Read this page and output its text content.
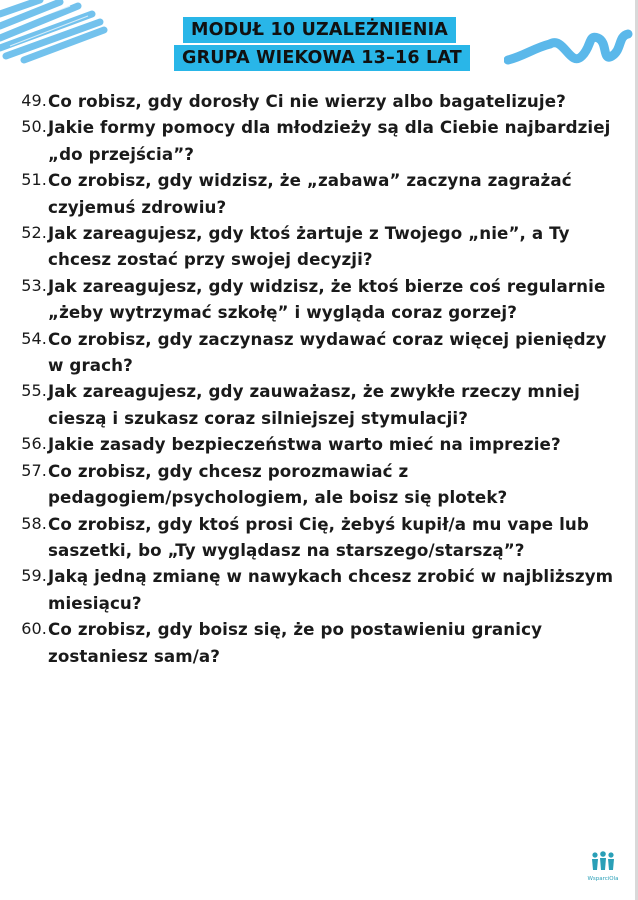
MODUŁ 10 UZALEŻNIENIA
GRUPA WIEKOWA 13–16 LAT
49. Co robisz, gdy dorosły Ci nie wierzy albo bagatelizuje?
50. Jakie formy pomocy dla młodzieży są dla Ciebie najbardziej „do przejścia”?
51. Co zrobisz, gdy widzisz, że „zabawa” zaczyna zagrażać czyjemuś zdrowiu?
52. Jak zareagujesz, gdy ktoś żartuje z Twojego „nie”, a Ty chcesz zostać przy swojej decyzji?
53. Jak zareagujesz, gdy widzisz, że ktoś bierze coś regularnie „żeby wytrzymać szkołę” i wygląda coraz gorzej?
54. Co zrobisz, gdy zaczynasz wydawać coraz więcej pieniędzy w grach?
55. Jak zareagujesz, gdy zauważasz, że zwykłe rzeczy mniej cieszą i szukasz coraz silniejszej stymulacji?
56. Jakie zasady bezpieczeństwa warto mieć na imprezie?
57. Co zrobisz, gdy chcesz porozmawiać z pedagogiem/psychologiem, ale boisz się plotek?
58. Co zrobisz, gdy ktoś prosi Cię, żebyś kupił/a mu vape lub saszetki, bo „Ty wyglądasz na starszego/starszą”?
59. Jaką jedną zmianę w nawykach chcesz zrobić w najbliższym miesiącu?
60. Co zrobisz, gdy boisz się, że po postawieniu granicy zostaniesz sam/a?
WsparciOla
